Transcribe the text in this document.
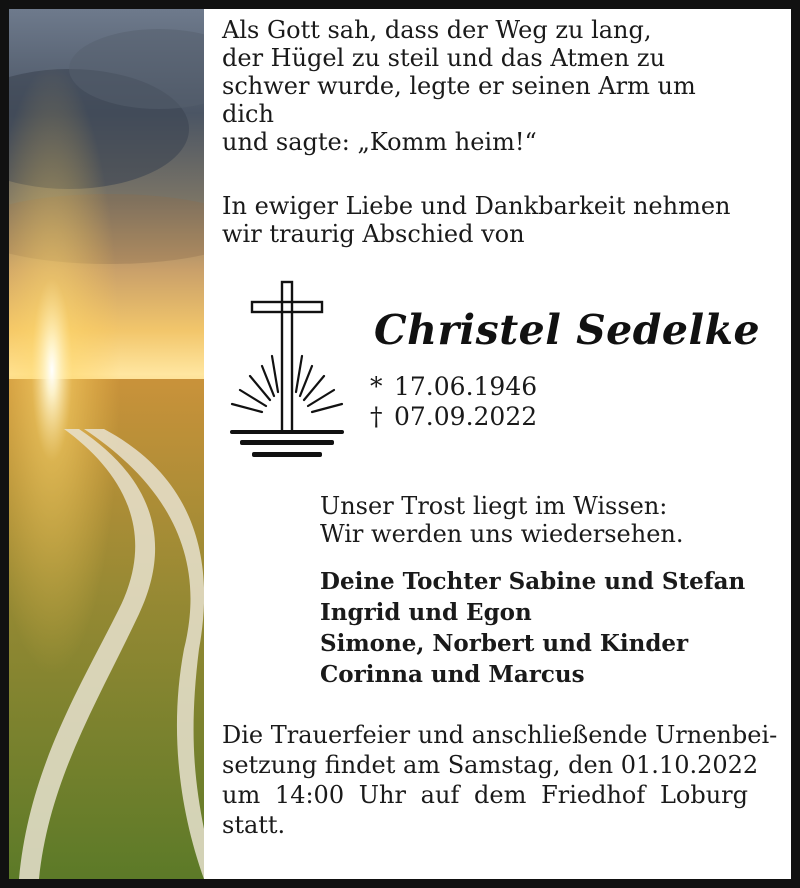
Als Gott sah, dass der Weg zu lang,

der Hügel zu steil und das Atmen zu

schwer wurde, legte er seinen Arm um dich

und sagte: „Komm heim!“

In ewiger Liebe und Dankbarkeit nehmen

wir traurig Abschied von

Christel Sedelke
* 17.06.1946
† 07.09.2022

Unser Trost liegt im Wissen:

Wir werden uns wiedersehen.

Deine Tochter Sabine und Stefan
Ingrid und Egon
Simone, Norbert und Kinder
Corinna und Marcus
Die Trauerfeier und anschließende Urnenbei-
setzung findet am Samstag, den 01.10.2022
um 14:00 Uhr auf dem Friedhof Loburg
statt.
